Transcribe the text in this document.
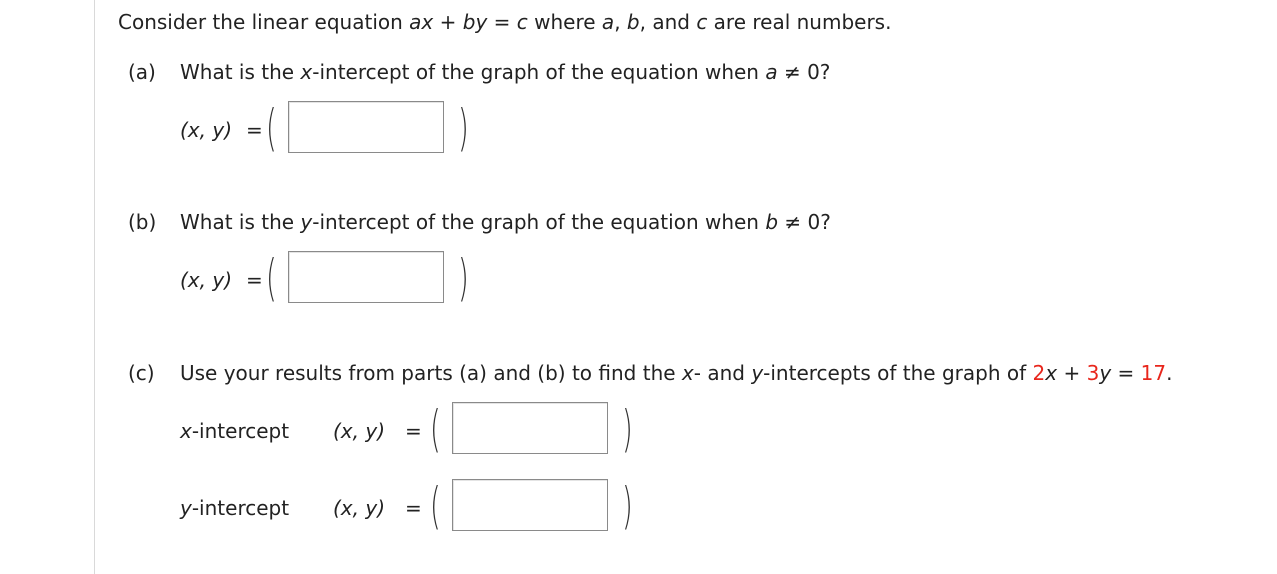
Consider the linear equation ax + by = c where a, b, and c are real numbers.
(a)	What is the x-intercept of the graph of the equation when a ≠ 0?
(x, y) = (	)
(b)	What is the y-intercept of the graph of the equation when b ≠ 0?
(x, y) = (	)
(c)	Use your results from parts (a) and (b) to find the x- and y-intercepts of the graph of 2x + 3y = 17.
x-intercept (x, y) = (	)
y-intercept (x, y) = (	)
